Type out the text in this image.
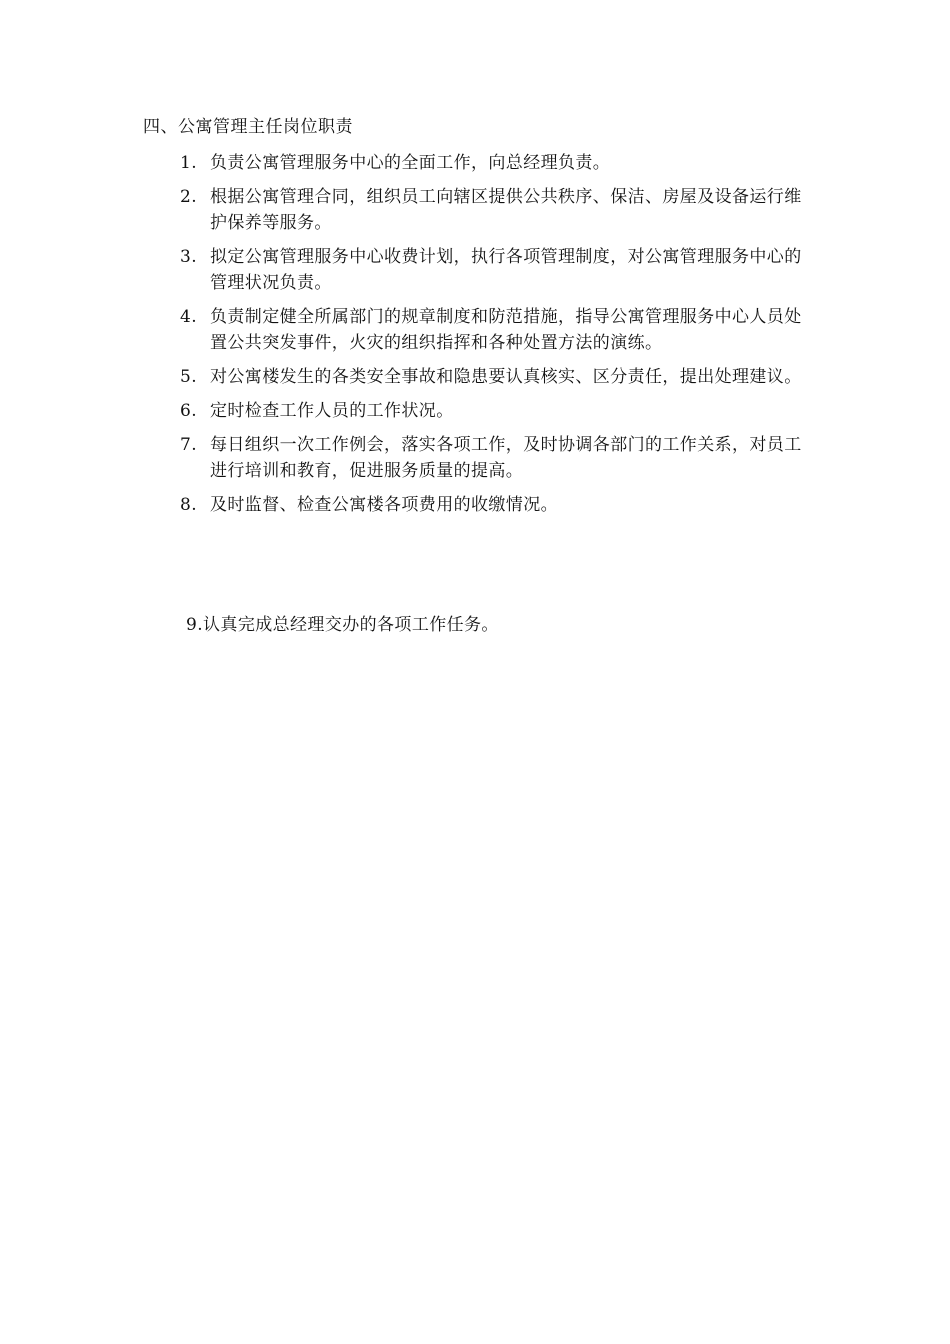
四、公寓管理主任岗位职责
1. 负责公寓管理服务中心的全面工作，向总经理负责。
2. 根据公寓管理合同，组织员工向辖区提供公共秩序、保洁、房屋及设备运行维护保养等服务。
3. 拟定公寓管理服务中心收费计划，执行各项管理制度，对公寓管理服务中心的管理状况负责。
4. 负责制定健全所属部门的规章制度和防范措施，指导公寓管理服务中心人员处置公共突发事件，火灾的组织指挥和各种处置方法的演练。
5. 对公寓楼发生的各类安全事故和隐患要认真核实、区分责任，提出处理建议。
6. 定时检查工作人员的工作状况。
7. 每日组织一次工作例会，落实各项工作，及时协调各部门的工作关系，对员工进行培训和教育，促进服务质量的提高。
8. 及时监督、检查公寓楼各项费用的收缴情况。
9.认真完成总经理交办的各项工作任务。
